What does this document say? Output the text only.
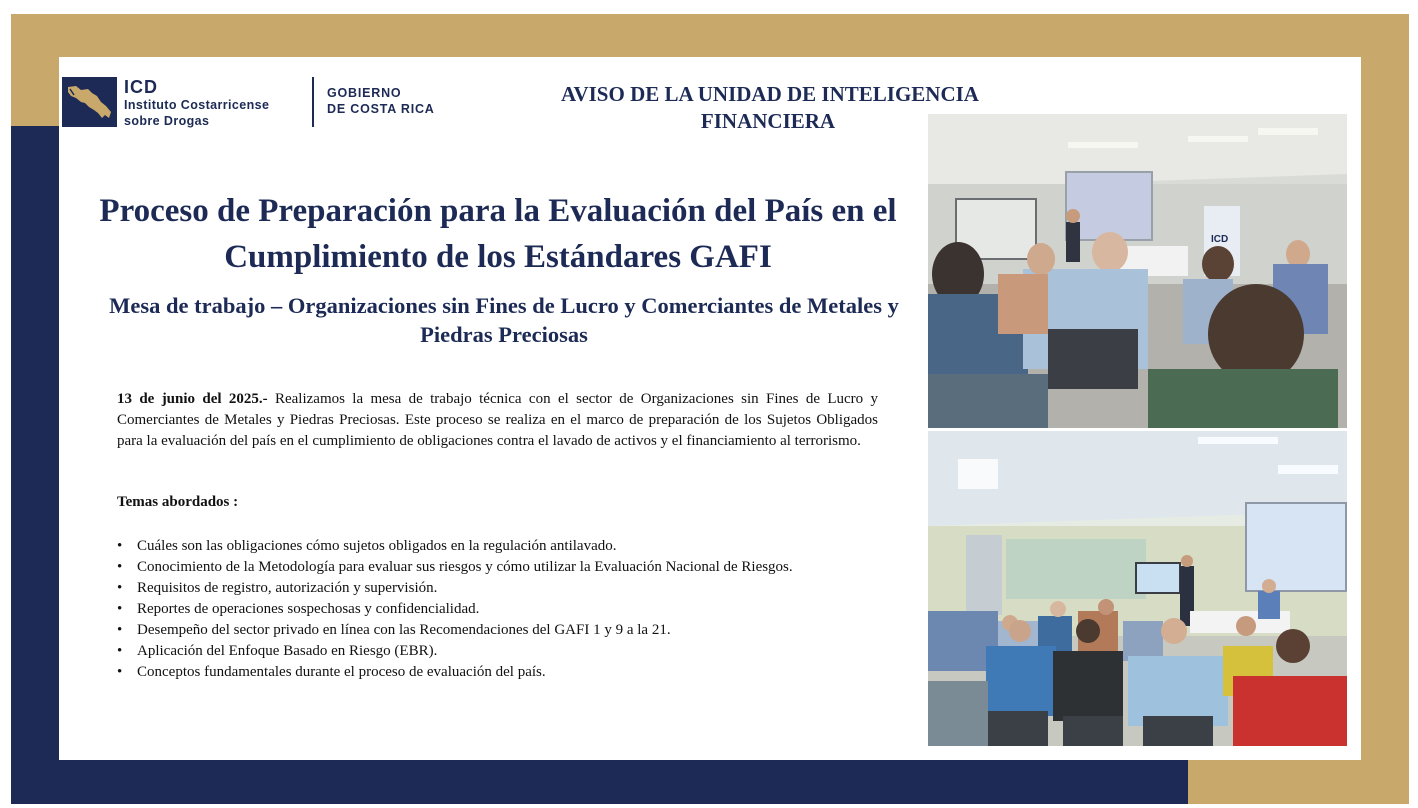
ICD
Instituto Costarricense
sobre Drogas
GOBIERNO
DE COSTA RICA
AVISO DE LA UNIDAD DE INTELIGENCIA
FINANCIERA
Proceso de Preparación para la Evaluación del País en el Cumplimiento de los Estándares GAFI
Mesa de trabajo – Organizaciones sin Fines de Lucro y Comerciantes de Metales y Piedras Preciosas

13 de junio del 2025.- Realizamos la mesa de trabajo técnica con el sector de Organizaciones sin Fines de Lucro y Comerciantes de Metales y Piedras Preciosas. Este proceso se realiza en el marco de preparación de los Sujetos Obligados para la evaluación del país en el cumplimiento de obligaciones contra el lavado de activos y el financiamiento al terrorismo.

Temas abordados :

• Cuáles son las obligaciones cómo sujetos obligados en la regulación antilavado.
• Conocimiento de la Metodología para evaluar sus riesgos y cómo utilizar la Evaluación Nacional de Riesgos.
• Requisitos de registro, autorización y supervisión.
• Reportes de operaciones sospechosas y confidencialidad.
• Desempeño del sector privado en línea con las Recomendaciones del GAFI 1 y 9 a la 21.
• Aplicación del Enfoque Basado en Riesgo (EBR).
• Conceptos fundamentales durante el proceso de evaluación del país.
ICD
